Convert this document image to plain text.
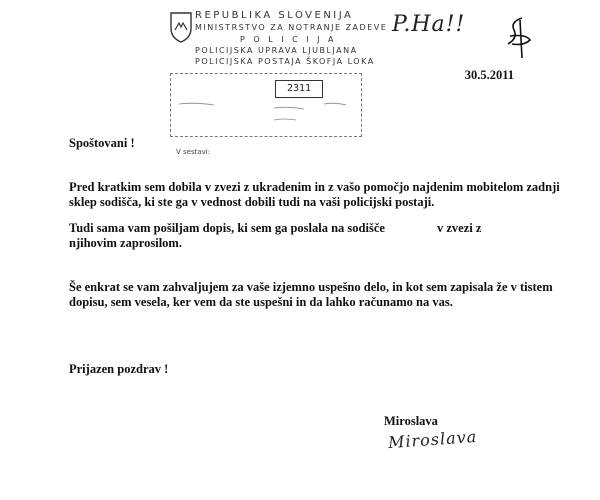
REPUBLIKA SLOVENIJA
MINISTRSTVO ZA NOTRANJE ZADEVE
P O L I C I J A
POLICIJSKA UPRAVA LJUBLJANA
POLICIJSKA POSTAJA ŠKOFJA LOKA
2311
V sestavi:
P.Ha!!
30.5.2011
Spoštovani !
Pred kratkim sem dobila v zvezi z ukradenim in z vašo pomočjo najdenim mobitelom zadnji
sklep sodišča, ki ste ga v vednost dobili tudi na vaši policijski postaji.
Tudi sama vam pošiljam dopis, ki sem ga poslala na sodišče	v zvezi z
njihovim zaprosilom.
Še enkrat se vam zahvaljujem za vaše izjemno uspešno delo, in kot sem zapisala že v tistem
dopisu, sem vesela, ker vem da ste uspešni in da lahko računamo na vas.
Prijazen pozdrav !
Miroslava
Miroslava
